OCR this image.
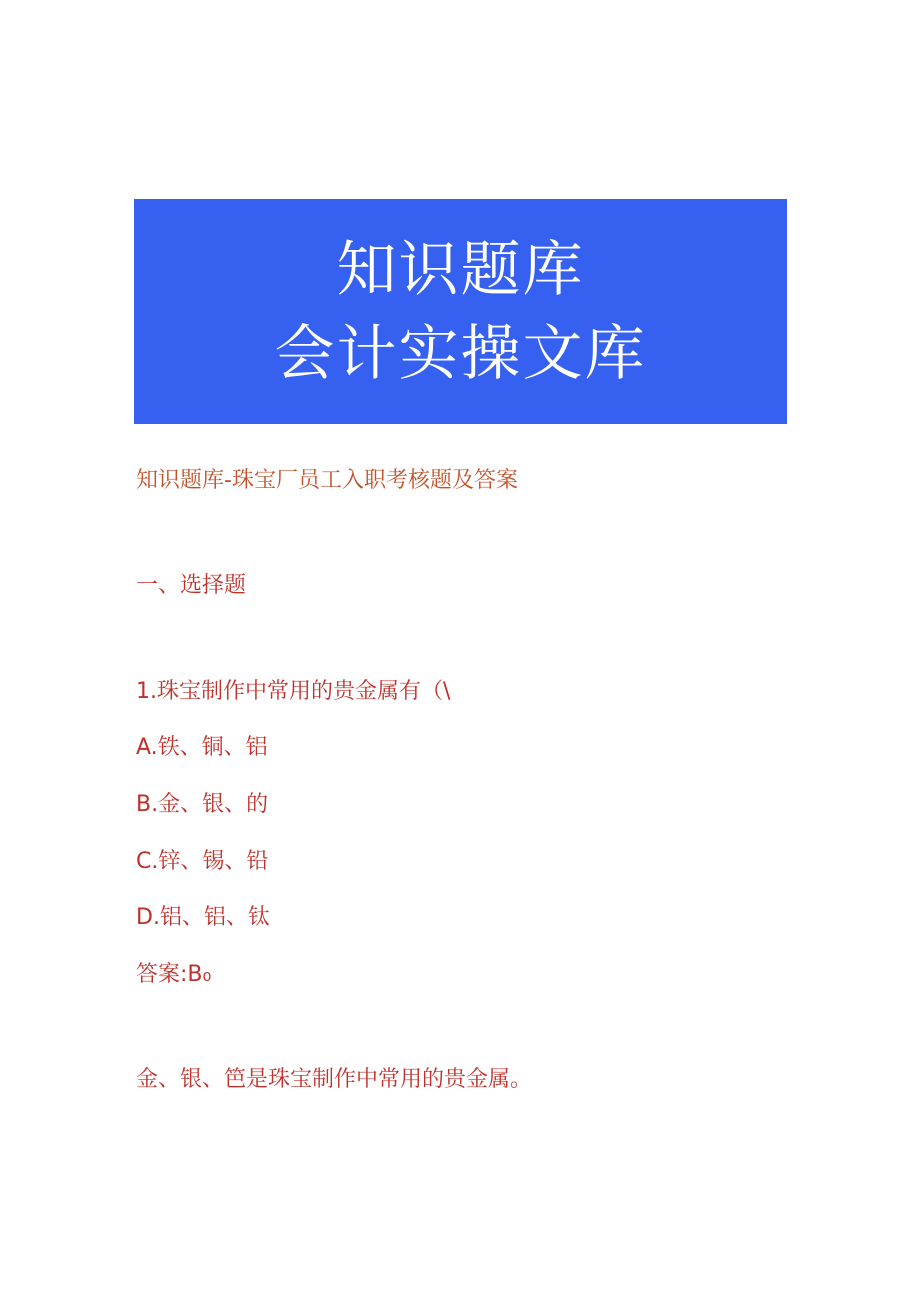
知识题库
会计实操文库
知识题库-珠宝厂员工入职考核题及答案
一、选择题
1.珠宝制作中常用的贵金属有（\
A.铁、铜、铝
B.金、银、的
C.锌、锡、铅
D.铝、铝、钛
答案:B₀
金、银、笆是珠宝制作中常用的贵金属。
